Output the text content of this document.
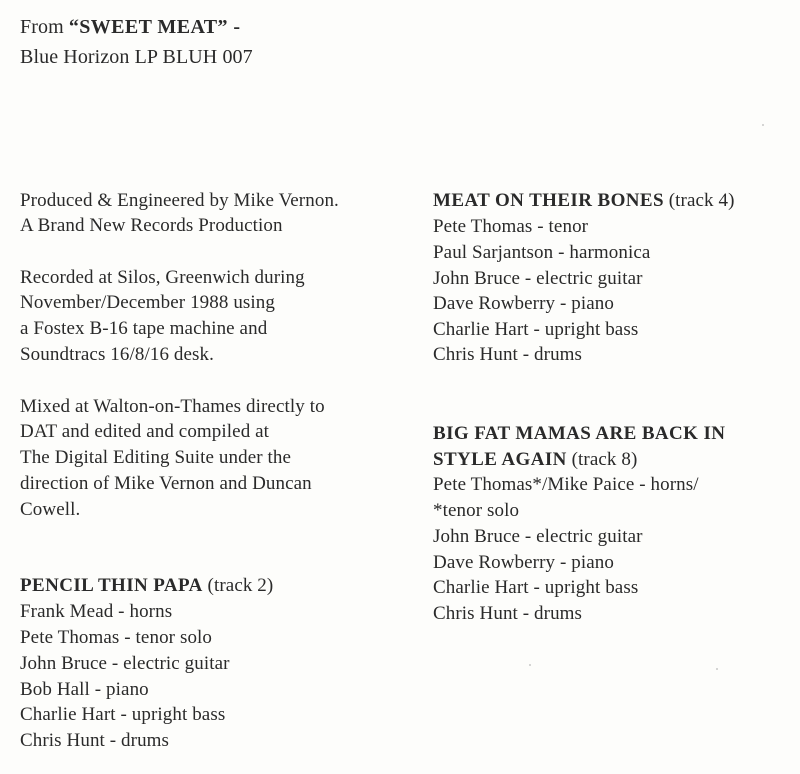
From “SWEET MEAT” -
Blue Horizon LP BLUH 007
Produced & Engineered by Mike Vernon.
A Brand New Records Production
Recorded at Silos, Greenwich during
November/December 1988 using
a Fostex B-16 tape machine and
Soundtracs 16/8/16 desk.
Mixed at Walton-on-Thames directly to
DAT and edited and compiled at
The Digital Editing Suite under the
direction of Mike Vernon and Duncan
Cowell.
PENCIL THIN PAPA (track 2)
Frank Mead - horns
Pete Thomas - tenor solo
John Bruce - electric guitar
Bob Hall - piano
Charlie Hart - upright bass
Chris Hunt - drums
MEAT ON THEIR BONES (track 4)
Pete Thomas - tenor
Paul Sarjantson - harmonica
John Bruce - electric guitar
Dave Rowberry - piano
Charlie Hart - upright bass
Chris Hunt - drums
BIG FAT MAMAS ARE BACK IN
STYLE AGAIN (track 8)
Pete Thomas*/Mike Paice - horns/
*tenor solo
John Bruce - electric guitar
Dave Rowberry - piano
Charlie Hart - upright bass
Chris Hunt - drums
